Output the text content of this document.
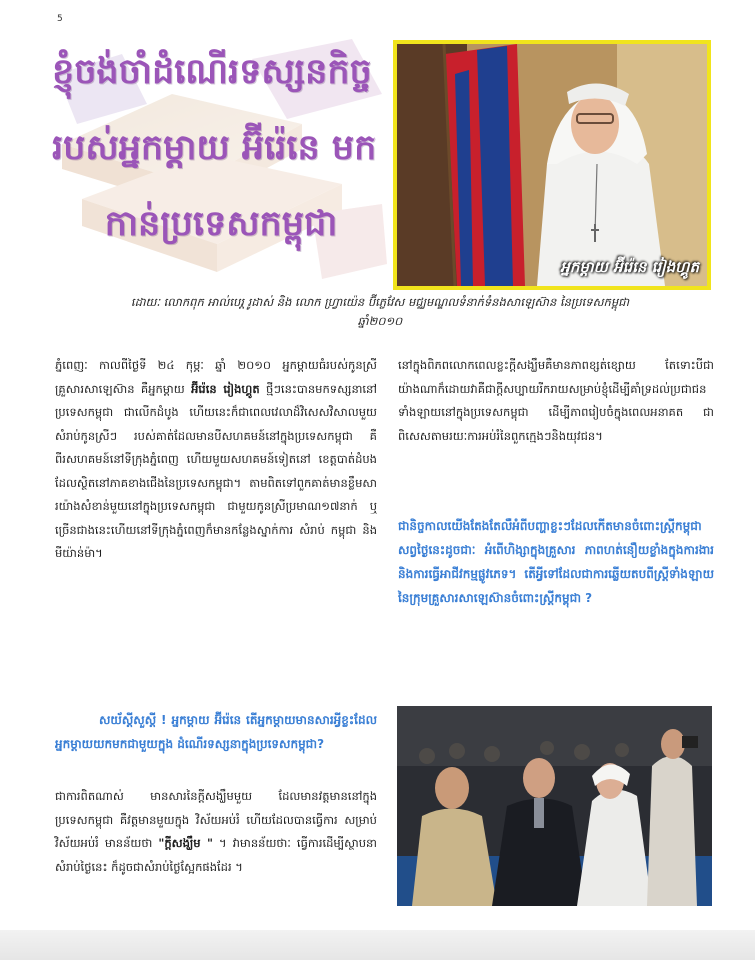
5
ខ្ញុំចង់ចាំដំណើរទស្សនកិច្ច
របស់អ្នកម្ដាយ អ៊ីរ៉េនេ មក
កាន់ប្រទេសកម្ពុជា
អ្នកម្ដាយ អ៊ីរ៉េនេ រៀងហ្គូត
ដោយៈ លោកពុក អាល់បេរ្ត រូដាស់ និង លោក ហ្វ្រាយ៉េន ប៊ីភ្លេវែស មជ្ឈមណ្ឌលទំនាក់ទំនងសាឡេស៊ាន នៃប្រទេសកម្ពុជា
ឆ្នាំ២០១០

ភ្នំពេញៈ កាលពីថ្ងៃទី ២៤ កុម្ភៈ ឆ្នាំ ២០១០ អ្នកម្ដាយធំរបស់កូនស្រី គ្រួសារសាឡេស៊ាន គឺអ្នកម្ដាយ អ៊ីរ៉េនេ រៀងហ្គូត ថ្មីៗនេះបានមកទស្សនានៅប្រទេសកម្ពុជា ជាលើកដំបូង ហើយនេះក៏ជាពេលវេលាដ៏វិសេសវិសាលមួយ សំរាប់កូនស្រីៗ របស់គាត់ដែលមានបីសហគមន៍នៅក្នុងប្រទេសកម្ពុជា គឺពីរសហគមន៍នៅទីក្រុងភ្នំពេញ ហើយមួយសហគមន៍ទៀតនៅ ខេត្តបាត់ដំបងដែលស្ថិតនៅភាគខាងជើងនៃប្រទេសកម្ពុជា។ តាមពិតទៅពួកគាត់មានខ្លឹមសារយ៉ាងសំខាន់មួយនៅក្នុងប្រទេសកម្ពុជា ជាមួយកូនស្រីប្រមាណ១៧នាក់ ឬច្រើនជាងនេះហើយនៅទីក្រុងភ្នំពេញក៏មានកន្លែងស្នាក់ការ សំរាប់ កម្ពុជា និង មីយ៉ាន់ម៉ា។

នៅក្នុងពិភពលោកពេលខ្លះក្ដីសង្ឃឹមគឺមានភាពខ្សត់ខ្សោយ តែទោះបីជាយ៉ាងណាក៏ដោយវាគឺជាក្ដីសប្បាយរីករាយសម្រាប់ខ្ញុំដើម្បីគាំទ្រដល់ប្រជាជនទាំងឡាយនៅក្នុងប្រទេសកម្ពុជា ដើម្បីភាពរៀបចំក្នុងពេលអនាគត ជាពិសេសតាមរយៈការអប់រំនៃពួកក្មេងៗនិងយុវជន។

ជានិច្ចកាលយើងតែងតែលឺអំពីបញ្ហាខ្លះៗដែលកើតមានចំពោះស្ត្រីកម្ពុជាសព្វថ្ងៃនេះដូចជាៈ អំពើហិង្សាក្នុងគ្រួសារ ភាពហត់នឿយខ្លាំងក្នុងការងារ និងការធ្វើអាជីវកម្មផ្លូវភេទ។ តើអ្វីទៅដែលជាការឆ្លើយតបពីស្ត្រីទាំងឡាយនៃក្រុមគ្រួសារសាឡេស៊ានចំពោះស្ត្រីកម្ពុជា ?
សយ័ស្ដីសួស្ដី ! អ្នកម្ដាយ អ៊ីរ៉េនេ តើអ្នកម្ដាយមានសារអ្វីខ្លះដែលអ្នកម្ដាយយកមកជាមួយក្នុង ដំណើរទស្សនាក្នុងប្រទេសកម្ពុជា?

ជាការពិតណាស់ មានសារនៃក្ដីសង្ឃឹមមួយ ដែលមានវត្តមាននៅក្នុងប្រទេសកម្ពុជា គឺវត្តមានមួយក្នុង វិស័យអប់រំ ហើយដែលបានធ្វើការ សម្រាប់វិស័យអប់រំ មានន័យថា "ក្ដីសង្ឃឹម " ។ វាមានន័យថាៈ ធ្វើការដើម្បីស្ថាបនាសំរាប់ថ្ងៃនេះ ក៏ដូចជាសំរាប់ថ្ងៃស្អែកផងដែរ ។
